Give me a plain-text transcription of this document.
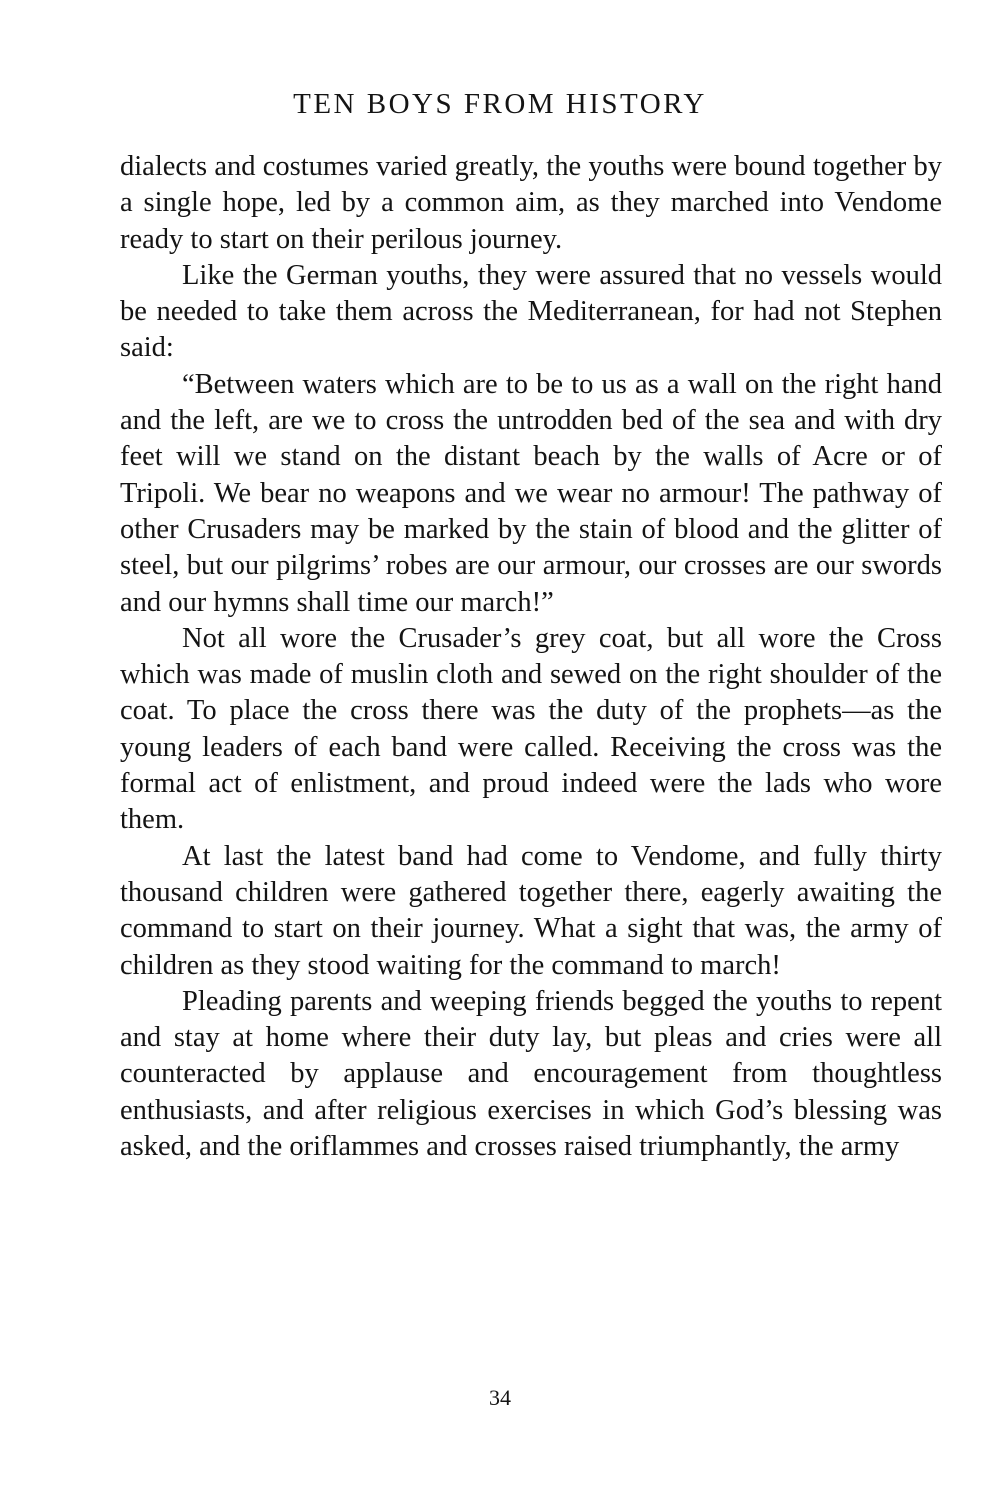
TEN BOYS FROM HISTORY

dialects and costumes varied greatly, the youths were bound together by a single hope, led by a common aim, as they marched into Vendome ready to start on their perilous journey.

Like the German youths, they were assured that no vessels would be needed to take them across the Mediterranean, for had not Stephen said:

“Between waters which are to be to us as a wall on the right hand and the left, are we to cross the untrodden bed of the sea and with dry feet will we stand on the distant beach by the walls of Acre or of Tripoli. We bear no weapons and we wear no armour! The pathway of other Crusaders may be marked by the stain of blood and the glitter of steel, but our pilgrims’ robes are our armour, our crosses are our swords and our hymns shall time our march!”

Not all wore the Crusader’s grey coat, but all wore the Cross which was made of muslin cloth and sewed on the right shoulder of the coat. To place the cross there was the duty of the prophets—as the young leaders of each band were called. Receiving the cross was the formal act of enlistment, and proud indeed were the lads who wore them.

At last the latest band had come to Vendome, and fully thirty thousand children were gathered together there, eagerly awaiting the command to start on their journey. What a sight that was, the army of children as they stood waiting for the command to march!

Pleading parents and weeping friends begged the youths to repent and stay at home where their duty lay, but pleas and cries were all counteracted by applause and encouragement from thoughtless enthusiasts, and after religious exercises in which God’s blessing was asked, and the oriflammes and crosses raised triumphantly, the army

34
